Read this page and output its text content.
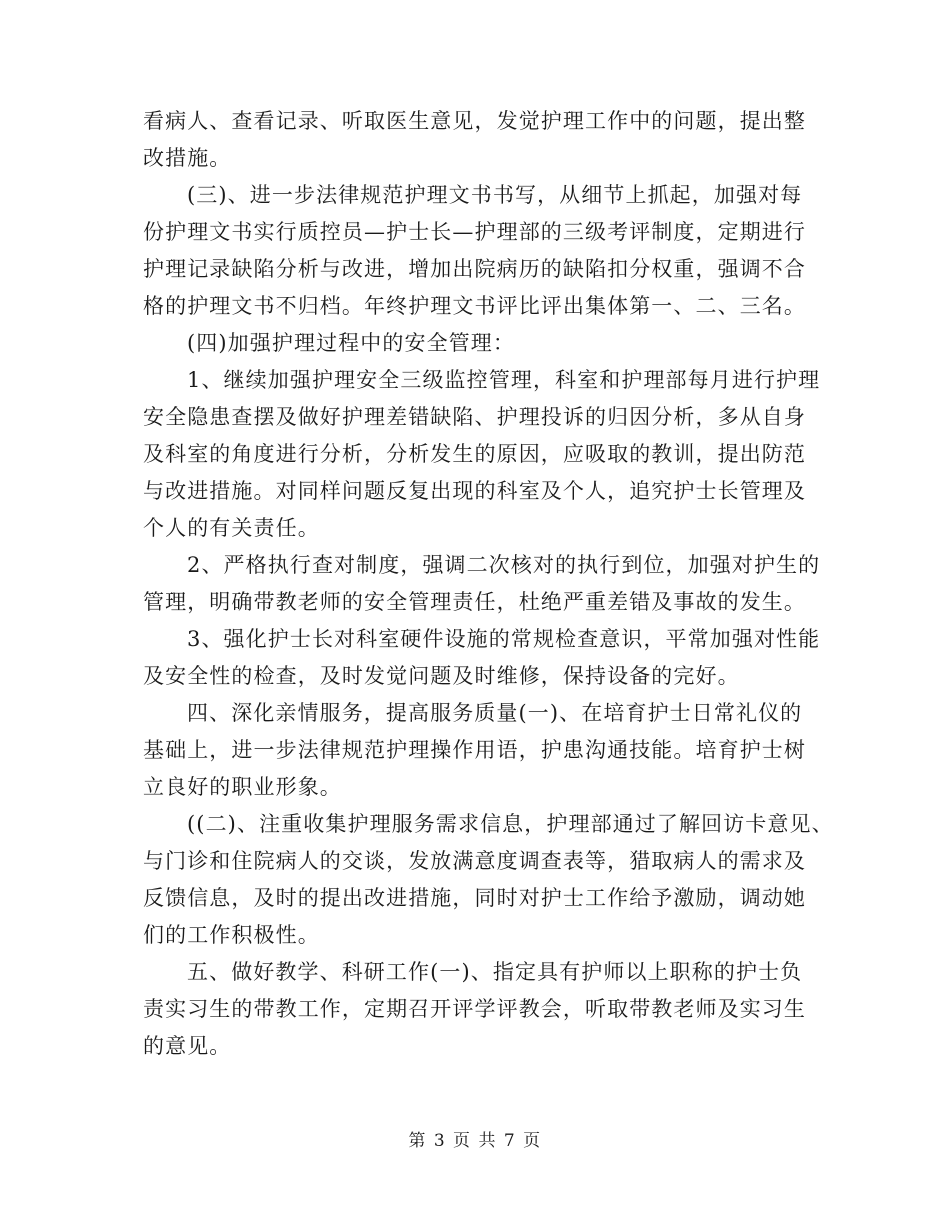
看病人、查看记录、听取医生意见，发觉护理工作中的问题，提出整
改措施。
(三)、进一步法律规范护理文书书写，从细节上抓起，加强对每
份护理文书实行质控员—护士长—护理部的三级考评制度，定期进行
护理记录缺陷分析与改进，增加出院病历的缺陷扣分权重，强调不合
格的护理文书不归档。年终护理文书评比评出集体第一、二、三名。
(四)加强护理过程中的安全管理：
1、继续加强护理安全三级监控管理，科室和护理部每月进行护理
安全隐患查摆及做好护理差错缺陷、护理投诉的归因分析，多从自身
及科室的角度进行分析，分析发生的原因，应吸取的教训，提出防范
与改进措施。对同样问题反复出现的科室及个人，追究护士长管理及
个人的有关责任。
2、严格执行查对制度，强调二次核对的执行到位，加强对护生的
管理，明确带教老师的安全管理责任，杜绝严重差错及事故的发生。
3、强化护士长对科室硬件设施的常规检查意识，平常加强对性能
及安全性的检查，及时发觉问题及时维修，保持设备的完好。
四、深化亲情服务，提高服务质量(一)、在培育护士日常礼仪的
基础上，进一步法律规范护理操作用语，护患沟通技能。培育护士树
立良好的职业形象。
((二)、注重收集护理服务需求信息，护理部通过了解回访卡意见、
与门诊和住院病人的交谈，发放满意度调查表等，猎取病人的需求及
反馈信息，及时的提出改进措施，同时对护士工作给予激励，调动她
们的工作积极性。
五、做好教学、科研工作(一)、指定具有护师以上职称的护士负
责实习生的带教工作，定期召开评学评教会，听取带教老师及实习生
的意见。
第 3 页 共 7 页
